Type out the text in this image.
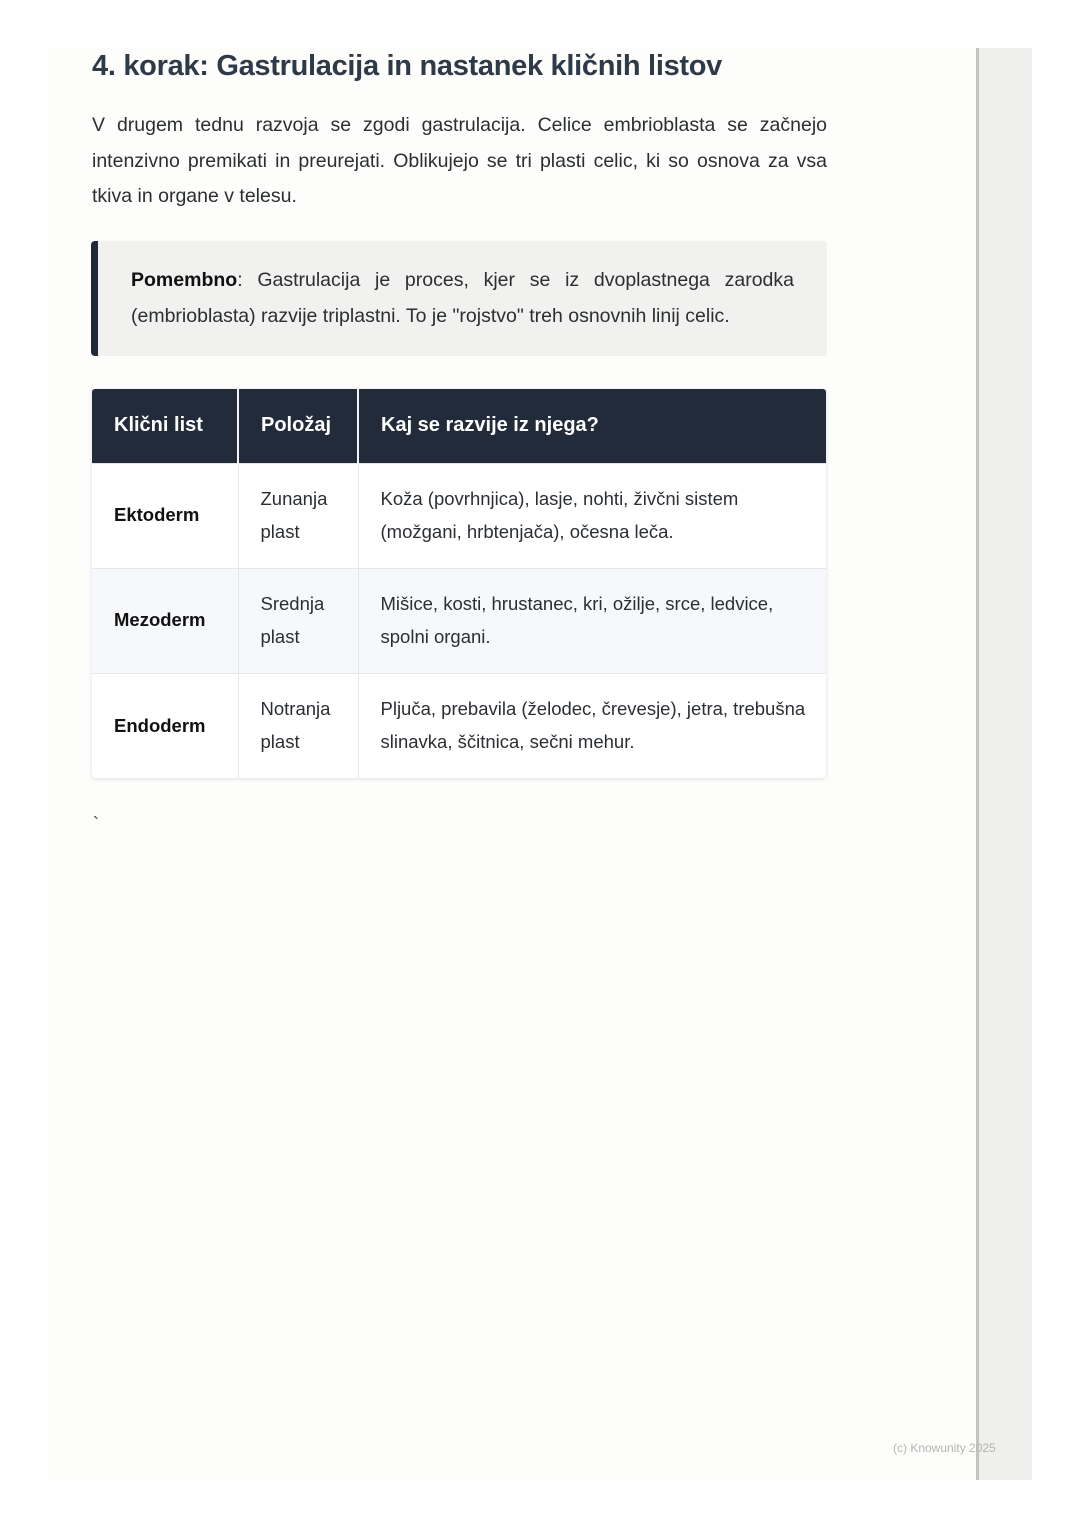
4. korak: Gastrulacija in nastanek kličnih listov

V drugem tednu razvoja se zgodi gastrulacija. Celice embrioblasta se začnejo intenzivno premikati in preurejati. Oblikujejo se tri plasti celic, ki so osnova za vsa tkiva in organe v telesu.

Pomembno: Gastrulacija je proces, kjer se iz dvoplastnega zarodka (embrioblasta) razvije triplastni. To je "rojstvo" treh osnovnih linij celic.
Klični list	Položaj	Kaj se razvije iz njega?
Ektoderm	Zunanja plast	Koža (povrhnjica), lasje, nohti, živčni sistem (možgani, hrbtenjača), očesna leča.
Mezoderm	Srednja plast	Mišice, kosti, hrustanec, kri, ožilje, srce, ledvice, spolni organi.
Endoderm	Notranja plast	Pljuča, prebavila (želodec, črevesje), jetra, trebušna slinavka, ščitnica, sečni mehur.
`
(c) Knowunity 2025
